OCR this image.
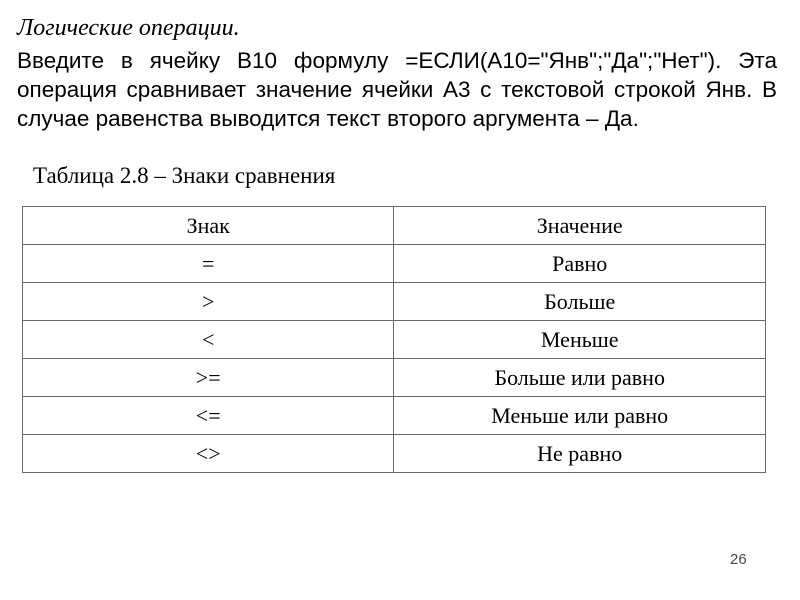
Логические операции.
Введите в ячейку В10 формулу =ЕСЛИ(А10="Янв";"Да";"Нет"). Эта операция сравнивает значение ячейки А3 с текстовой строкой Янв. В случае равенства выводится текст второго аргумента – Да.
Таблица 2.8 – Знаки сравнения
Знак	Значение
=	Равно
>	Больше
<	Меньше
>=	Больше или равно
<=	Меньше или равно
<>	Не равно
26
